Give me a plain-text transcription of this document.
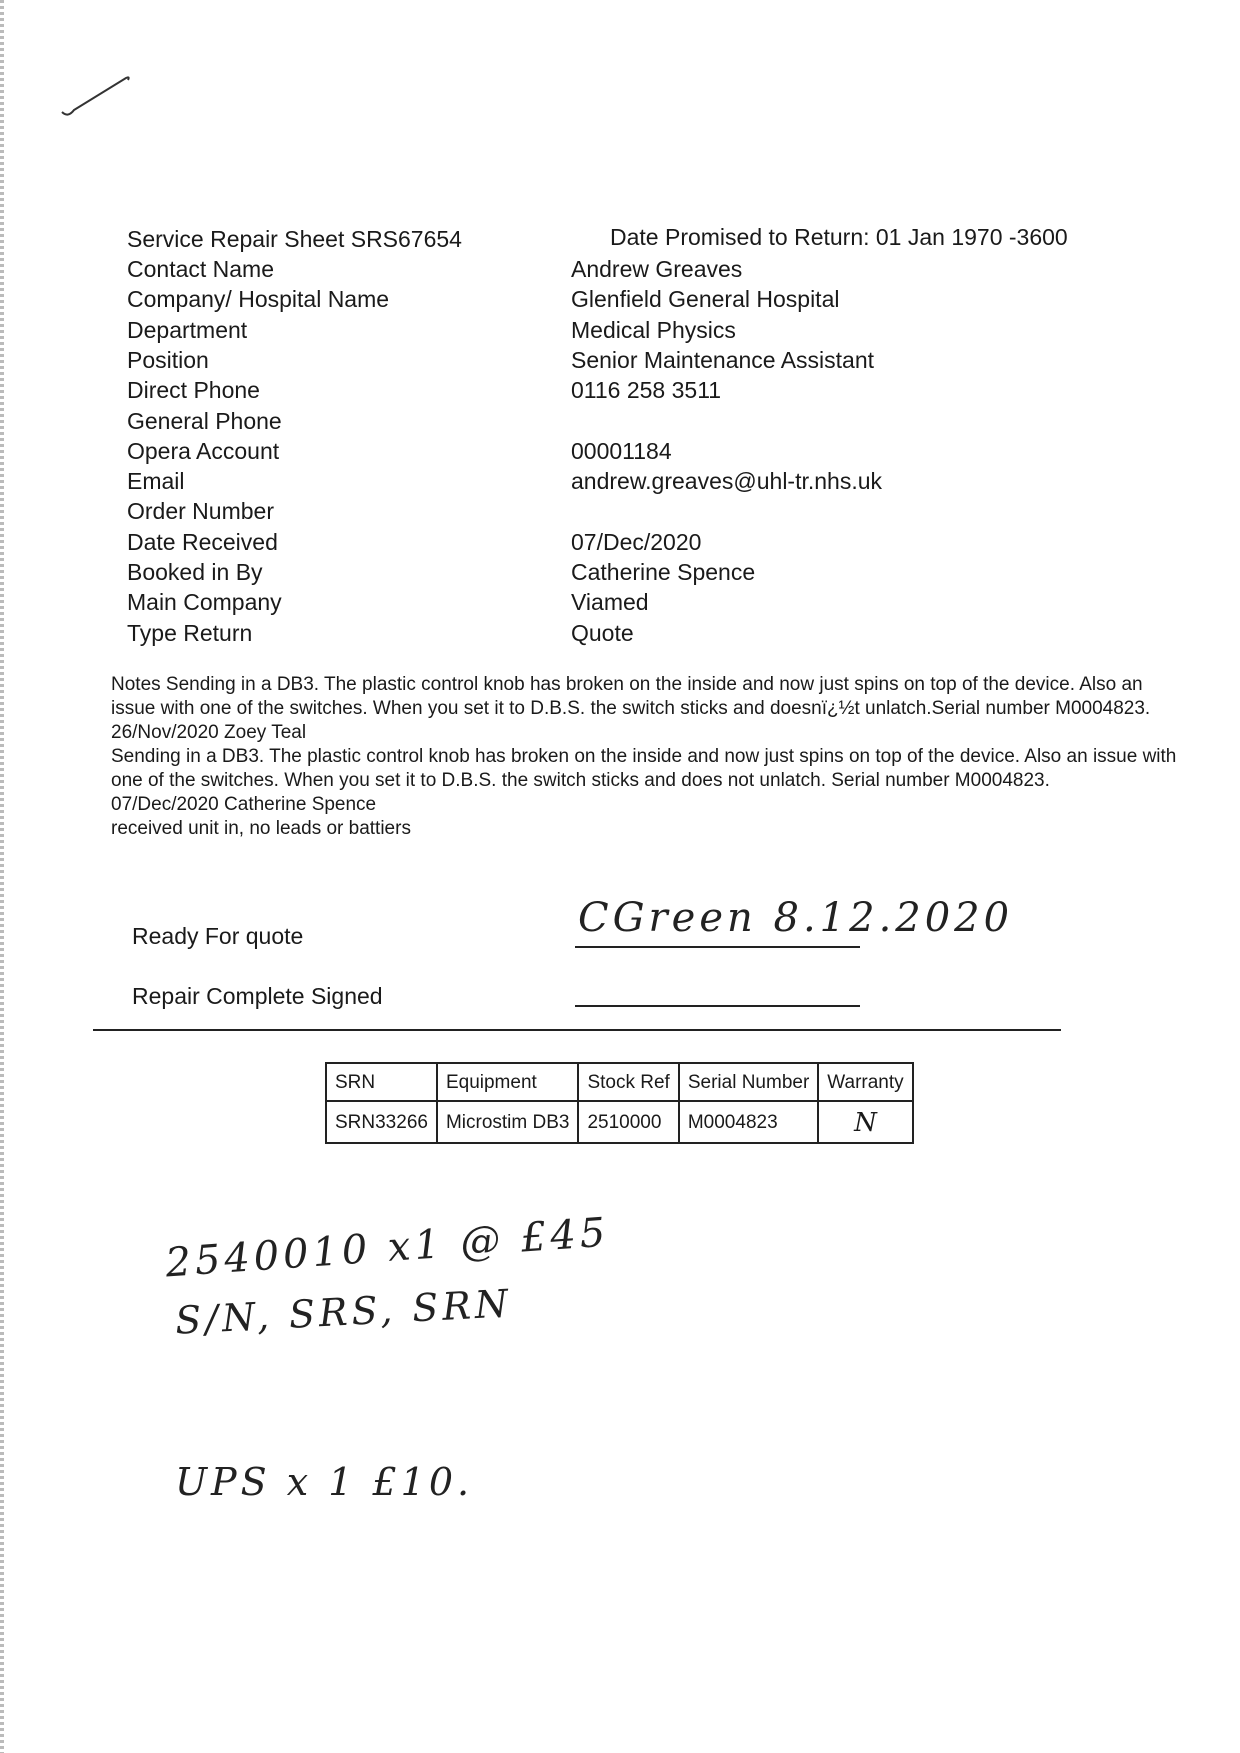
Service Repair Sheet SRS67654	Date Promised to Return: 01 Jan 1970 -3600
Contact Name	Andrew Greaves
Company/ Hospital Name	Glenfield General Hospital
Department	Medical Physics
Position	Senior Maintenance Assistant
Direct Phone	0116 258 3511
General Phone
Opera Account	00001184
Email	andrew.greaves@uhl-tr.nhs.uk
Order Number
Date Received	07/Dec/2020
Booked in By	Catherine Spence
Main Company	Viamed
Type Return	Quote
Notes Sending in a DB3. The plastic control knob has broken on the inside and now just spins on top of the device. Also an issue with one of the switches. When you set it to D.B.S. the switch sticks and doesnï¿½t unlatch.Serial number M0004823.
26/Nov/2020 Zoey Teal
Sending in a DB3. The plastic control knob has broken on the inside and now just spins on top of the device. Also an issue with one of the switches. When you set it to D.B.S. the switch sticks and does not unlatch. Serial number M0004823.
07/Dec/2020 Catherine Spence
received unit in, no leads or battiers
Ready For quote	CGreen 8.12.2020
Repair Complete Signed
SRN	Equipment	Stock Ref	Serial Number	Warranty
SRN33266	Microstim DB3	2510000	M0004823	N
2540010 x1 @ £45
S/N, SRS, SRN
UPS x 1 £10.
